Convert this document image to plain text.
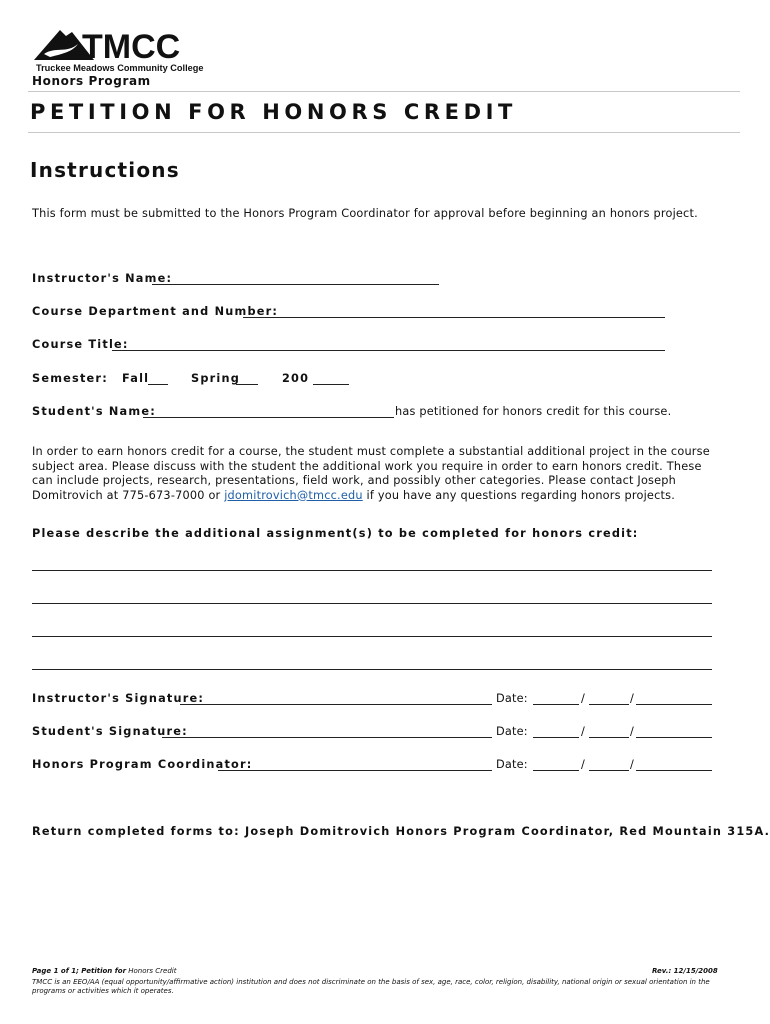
TMCC
Truckee Meadows Community College
Honors Program
PETITION FOR HONORS CREDIT
Instructions
This form must be submitted to the Honors Program Coordinator for approval before beginning an honors project.
Instructor's Name:
Course Department and Number:
Course Title:
Semester: Fall	Spring	200
Student's Name:	has petitioned for honors credit for this course.
In order to earn honors credit for a course, the student must complete a substantial additional project in the course subject area. Please discuss with the student the additional work you require in order to earn honors credit. These can include projects, research, presentations, field work, and possibly other categories. Please contact Joseph Domitrovich at 775-673-7000 or jdomitrovich@tmcc.edu if you have any questions regarding honors projects.
Please describe the additional assignment(s) to be completed for honors credit:
Instructor's Signature:	Date:	/	/
Student's Signature:	Date:	/	/
Honors Program Coordinator:	Date:	/	/
Return completed forms to: Joseph Domitrovich Honors Program Coordinator, Red Mountain 315A.
Page 1 of 1; Petition for Honors Credit	Rev.: 12/15/2008
TMCC is an EEO/AA (equal opportunity/affirmative action) institution and does not discriminate on the basis of sex, age, race, color, religion, disability, national origin or sexual orientation in the programs or activities which it operates.
